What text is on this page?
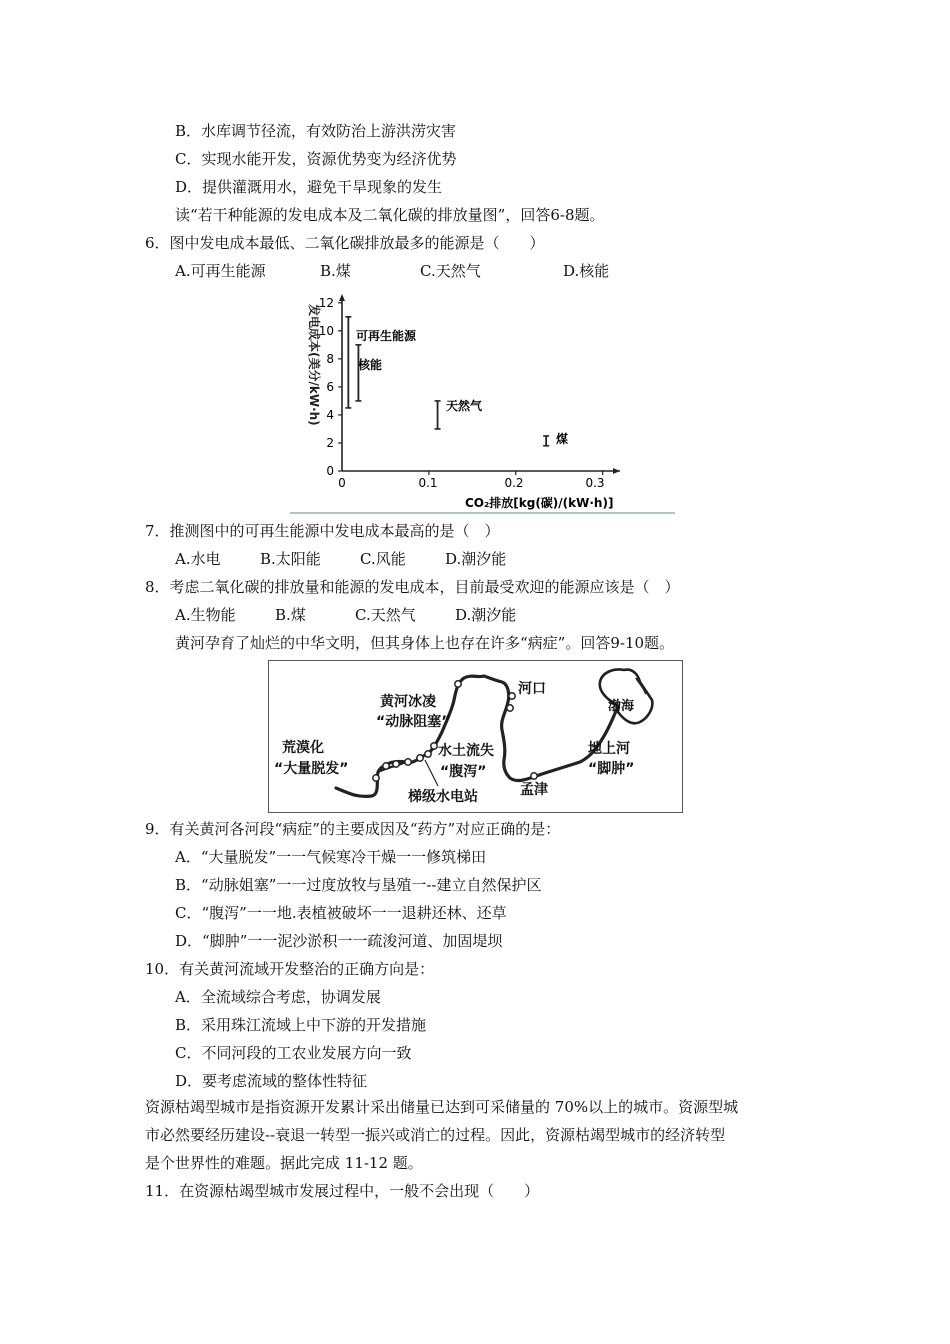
B．水库调节径流，有效防治上游洪涝灾害
C．实现水能开发，资源优势变为经济优势
D．提供灌溉用水，避免干旱现象的发生
读“若干种能源的发电成本及二氧化碳的排放量图”，回答6-8题。
6．图中发电成本最低、二氧化碳排放最多的能源是（　　）
A.可再生能源	B.煤	C.天然气	D.核能
发电成本(美分/kW·h)
0
2
4
6
8
10
12
0	0.1	0.2	0.3
CO₂排放[kg(碳)/(kW·h)]
可再生能源
核能
天然气
煤
7．推测图中的可再生能源中发电成本最高的是（　）
A.水电	B.太阳能	C.风能	D.潮汐能
8．考虑二氧化碳的排放量和能源的发电成本，目前最受欢迎的能源应该是（　）
A.生物能	B.煤	C.天然气	D.潮汐能
黄河孕育了灿烂的中华文明，但其身体上也存在许多“病症”。回答9-10题。
黄河冰凌
“动脉阻塞”
河口
渤海
荒漠化
“大量脱发”
水土流失
“腹泻”
梯级水电站	孟津
地上河
“脚肿”
9．有关黄河各河段“病症”的主要成因及“药方”对应正确的是：
A．“大量脱发”一一气候寒冷干燥一一修筑梯田
B．“动脉姐塞”一一过度放牧与垦殖一--建立自然保护区
C．“腹泻”一一地.表植被破坏一一退耕还林、还草
D．“脚肿”一一泥沙淤积一一疏浚河道、加固堤坝
10．有关黄河流域开发整治的正确方向是：
A．全流域综合考虑，协调发展
B．采用珠江流域上中下游的开发措施
C．不同河段的工农业发展方向一致
D．要考虑流域的整体性特征
资源枯竭型城市是指资源开发累计采出储量已达到可采储量的 70%以上的城市。资源型城
市必然要经历建设--衰退一转型一振兴或消亡的过程。因此，资源枯竭型城市的经济转型
是个世界性的难题。据此完成 11-12 题。
11．在资源枯竭型城市发展过程中，一般不会出现（　　）
